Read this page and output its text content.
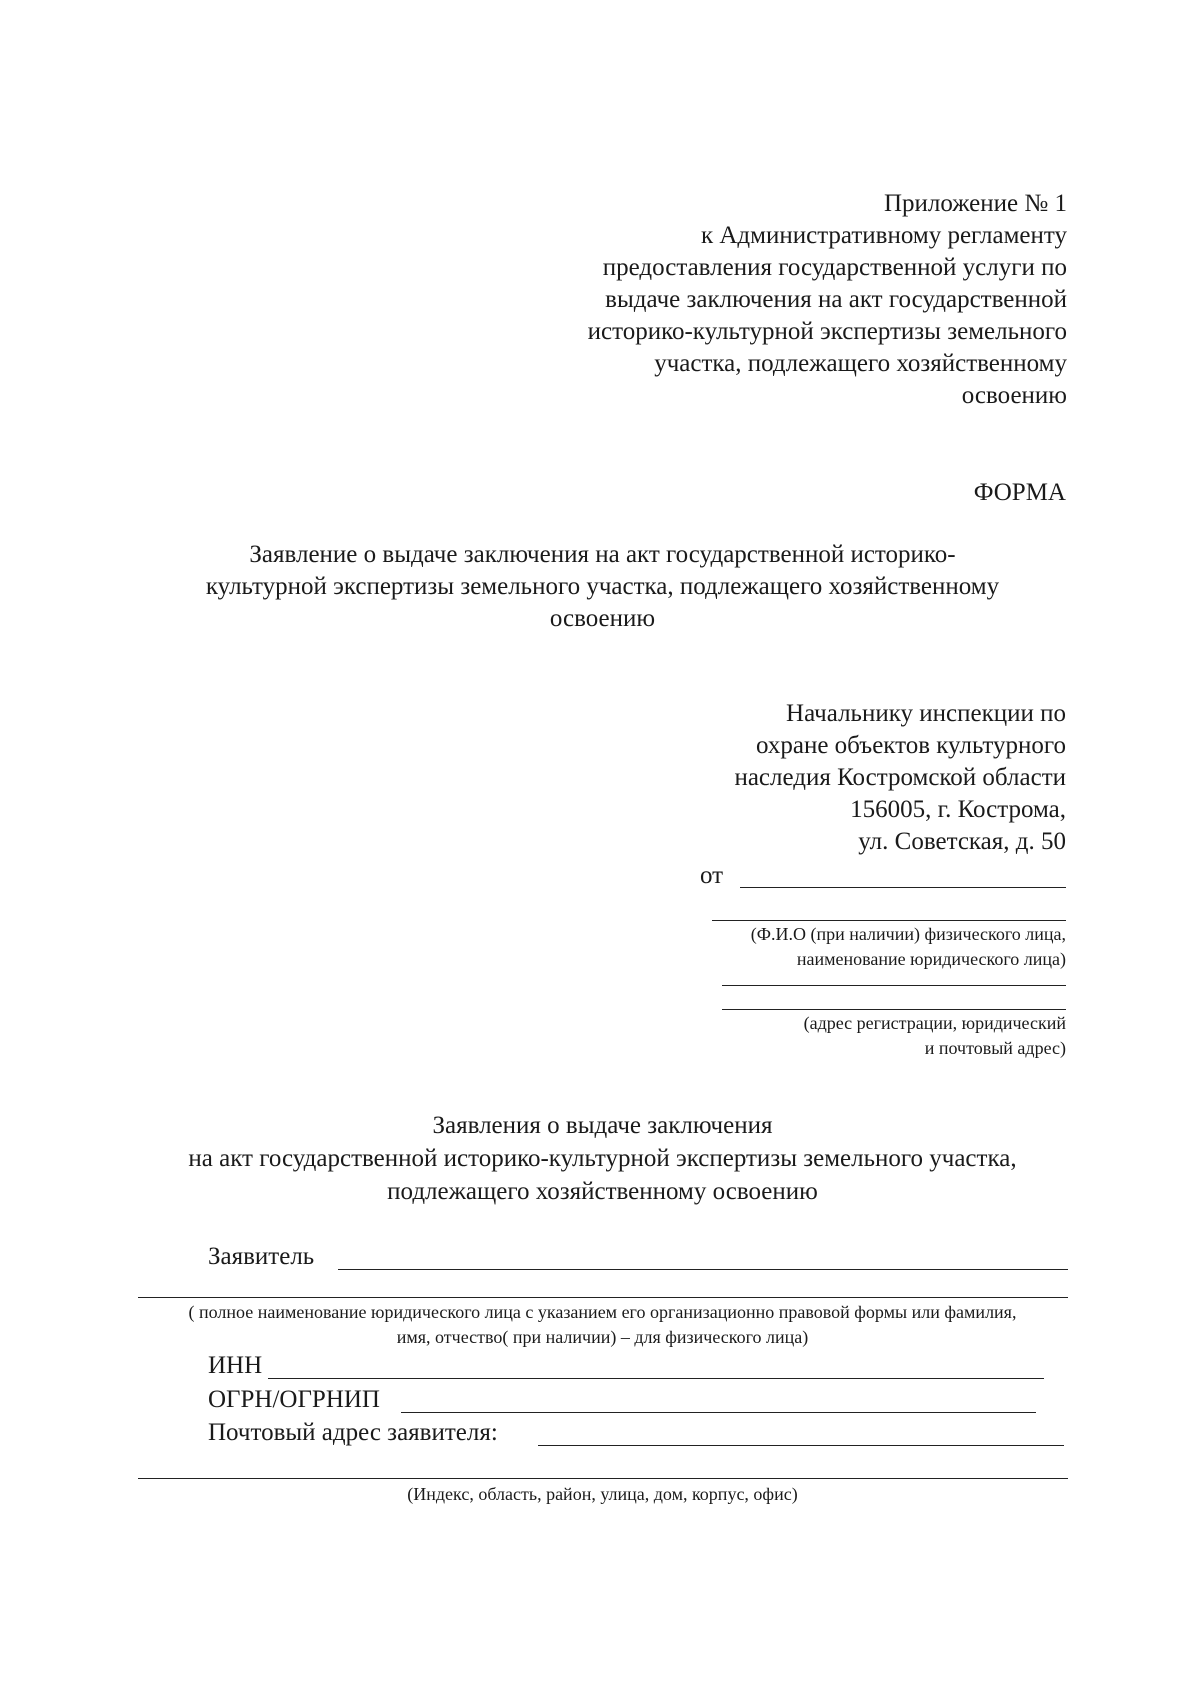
Приложение № 1
к Административному регламенту
предоставления государственной услуги по
выдаче заключения на акт государственной
историко-культурной экспертизы земельного
участка, подлежащего хозяйственному
освоению
ФОРМА
Заявление о выдаче заключения на акт государственной историко-
культурной экспертизы земельного участка, подлежащего хозяйственному
освоению
Начальнику инспекции по
охране объектов культурного
наследия Костромской области
156005, г. Кострома,
ул. Советская, д. 50
от
(Ф.И.О (при наличии) физического лица,
наименование юридического лица)
(адрес регистрации, юридический
и почтовый адрес)
Заявления о выдаче заключения
на акт государственной историко-культурной экспертизы земельного участка,
подлежащего хозяйственному освоению
Заявитель
( полное наименование юридического лица с указанием его организационно правовой формы или фамилия,
имя, отчество( при наличии) – для физического лица)
ИНН
ОГРН/ОГРНИП
Почтовый адрес заявителя:
(Индекс, область, район, улица, дом, корпус, офис)
